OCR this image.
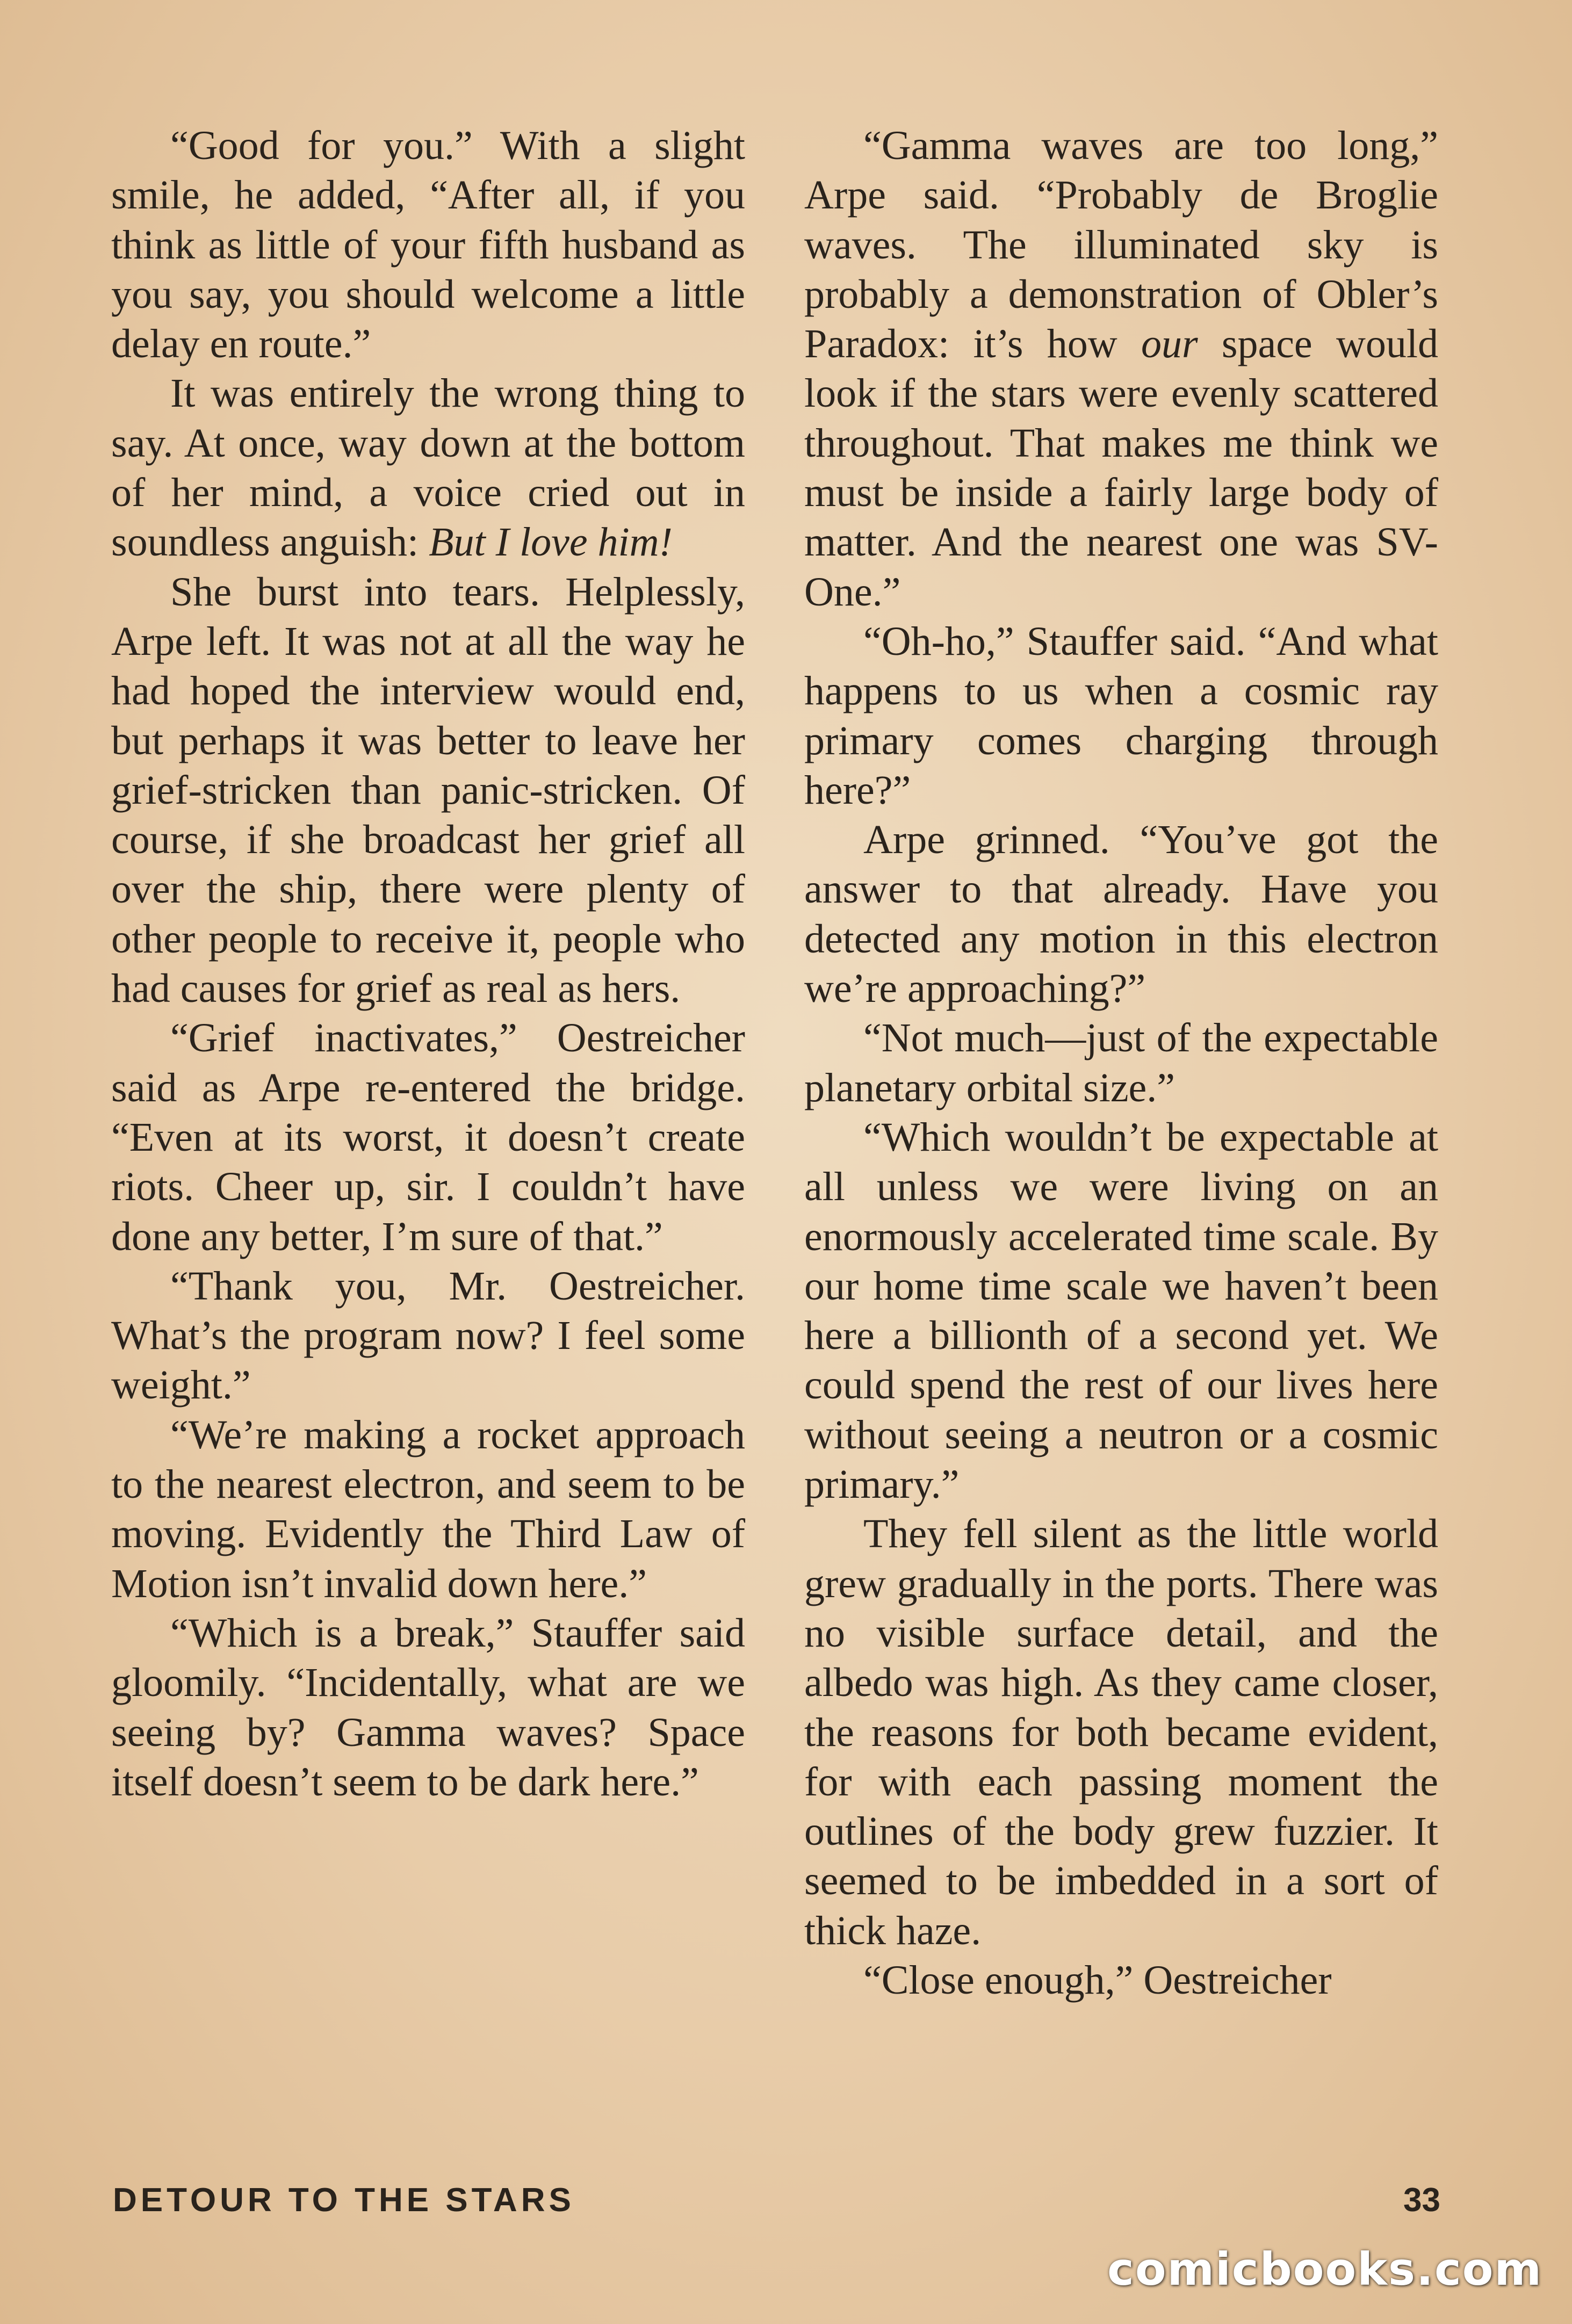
“Good for you.” With a slight smile, he added, “After all, if you think as little of your fifth husband as you say, you should welcome a little delay en route.”

It was entirely the wrong thing to say. At once, way down at the bottom of her mind, a voice cried out in soundless anguish: But I love him!

She burst into tears. Helplessly, Arpe left. It was not at all the way he had hoped the interview would end, but perhaps it was better to leave her grief-stricken than panic-stricken. Of course, if she broadcast her grief all over the ship, there were plenty of other people to receive it, people who had causes for grief as real as hers.

“Grief inactivates,” Oestreicher said as Arpe re-entered the bridge. “Even at its worst, it doesn’t create riots. Cheer up, sir. I couldn’t have done any better, I’m sure of that.”

“Thank you, Mr. Oestreicher. What’s the program now? I feel some weight.”

“We’re making a rocket approach to the nearest electron, and seem to be moving. Evidently the Third Law of Motion isn’t invalid down here.”

“Which is a break,” Stauffer said gloomily. “Incidentally, what are we seeing by? Gamma waves? Space itself doesn’t seem to be dark here.”

“Gamma waves are too long,” Arpe said. “Probably de Broglie waves. The illuminated sky is probably a demonstration of Obler’s Paradox: it’s how our space would look if the stars were evenly scattered throughout. That makes me think we must be inside a fairly large body of matter. And the nearest one was SV-One.”

“Oh-ho,” Stauffer said. “And what happens to us when a cosmic ray primary comes charging through here?”

Arpe grinned. “You’ve got the answer to that already. Have you detected any motion in this electron we’re approaching?”

“Not much—just of the expectable planetary orbital size.”

“Which wouldn’t be expectable at all unless we were living on an enormously accelerated time scale. By our home time scale we haven’t been here a billionth of a second yet. We could spend the rest of our lives here without seeing a neutron or a cosmic primary.”

They fell silent as the little world grew gradually in the ports. There was no visible surface detail, and the albedo was high. As they came closer, the reasons for both became evident, for with each passing moment the outlines of the body grew fuzzier. It seemed to be imbedded in a sort of thick haze.

“Close enough,” Oestreicher

DETOUR TO THE STARS	33
comicbooks.com
